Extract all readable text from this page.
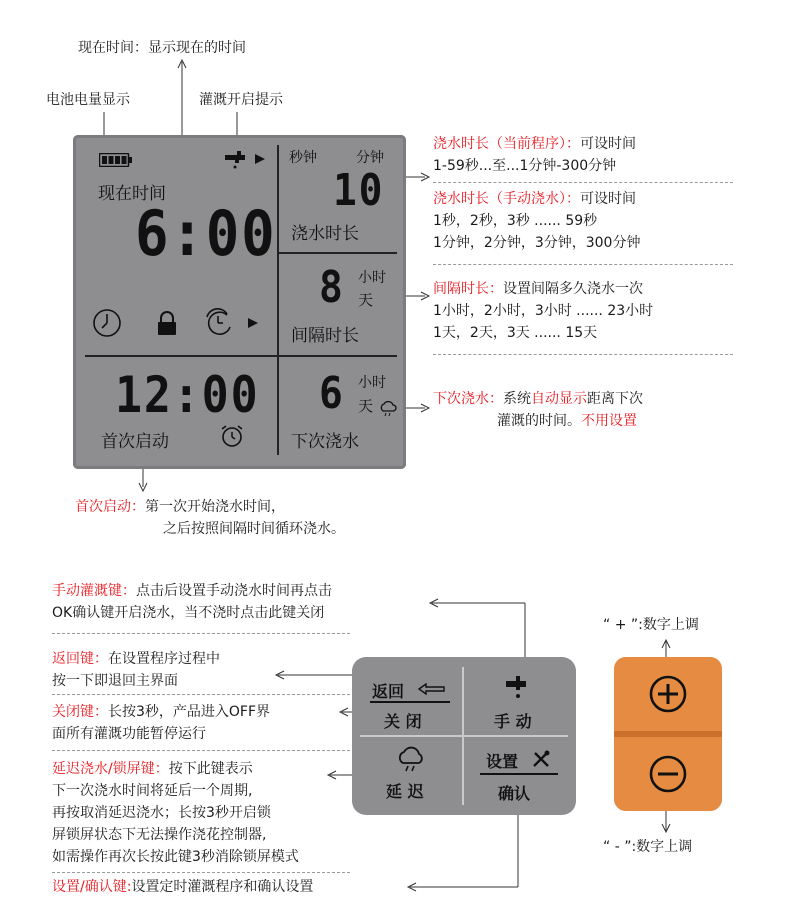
现在时间：显示现在的时间
电池电量显示	灌溉开启提示
现在时间
6:00
秒钟	分钟
10
浇水时长
8 小时
天
间隔时长
12:00
首次启动
6 小时
天
下次浇水
浇水时长（当前程序）：可设时间
1-59秒...至...1分钟-300分钟
浇水时长（手动浇水）：可设时间
1秒，2秒，3秒 ...... 59秒
1分钟，2分钟，3分钟，300分钟
间隔时长：设置间隔多久浇水一次
1小时，2小时，3小时 ...... 23小时
1天，2天，3天 ...... 15天
下次浇水：系统自动显示距离下次
灌溉的时间。不用设置
首次启动：第一次开始浇水时间，
之后按照间隔时间循环浇水。
手动灌溉键：点击后设置手动浇水时间再点击
OK确认键开启浇水，当不浇时点击此键关闭
返回键：在设置程序过程中
按一下即退回主界面
关闭键：长按3秒，产品进入OFF界
面所有灌溉功能暂停运行
延迟浇水/锁屏键：按下此键表示
下一次浇水时间将延后一个周期,
再按取消延迟浇水；长按3秒开启锁
屏锁屏状态下无法操作浇花控制器,
如需操作再次长按此键3秒消除锁屏模式
设置/确认键:设置定时灌溉程序和确认设置
返回
关 闭	手 动
延 迟
设置
确认
“ + ”:数字上调
“ - ”:数字上调
